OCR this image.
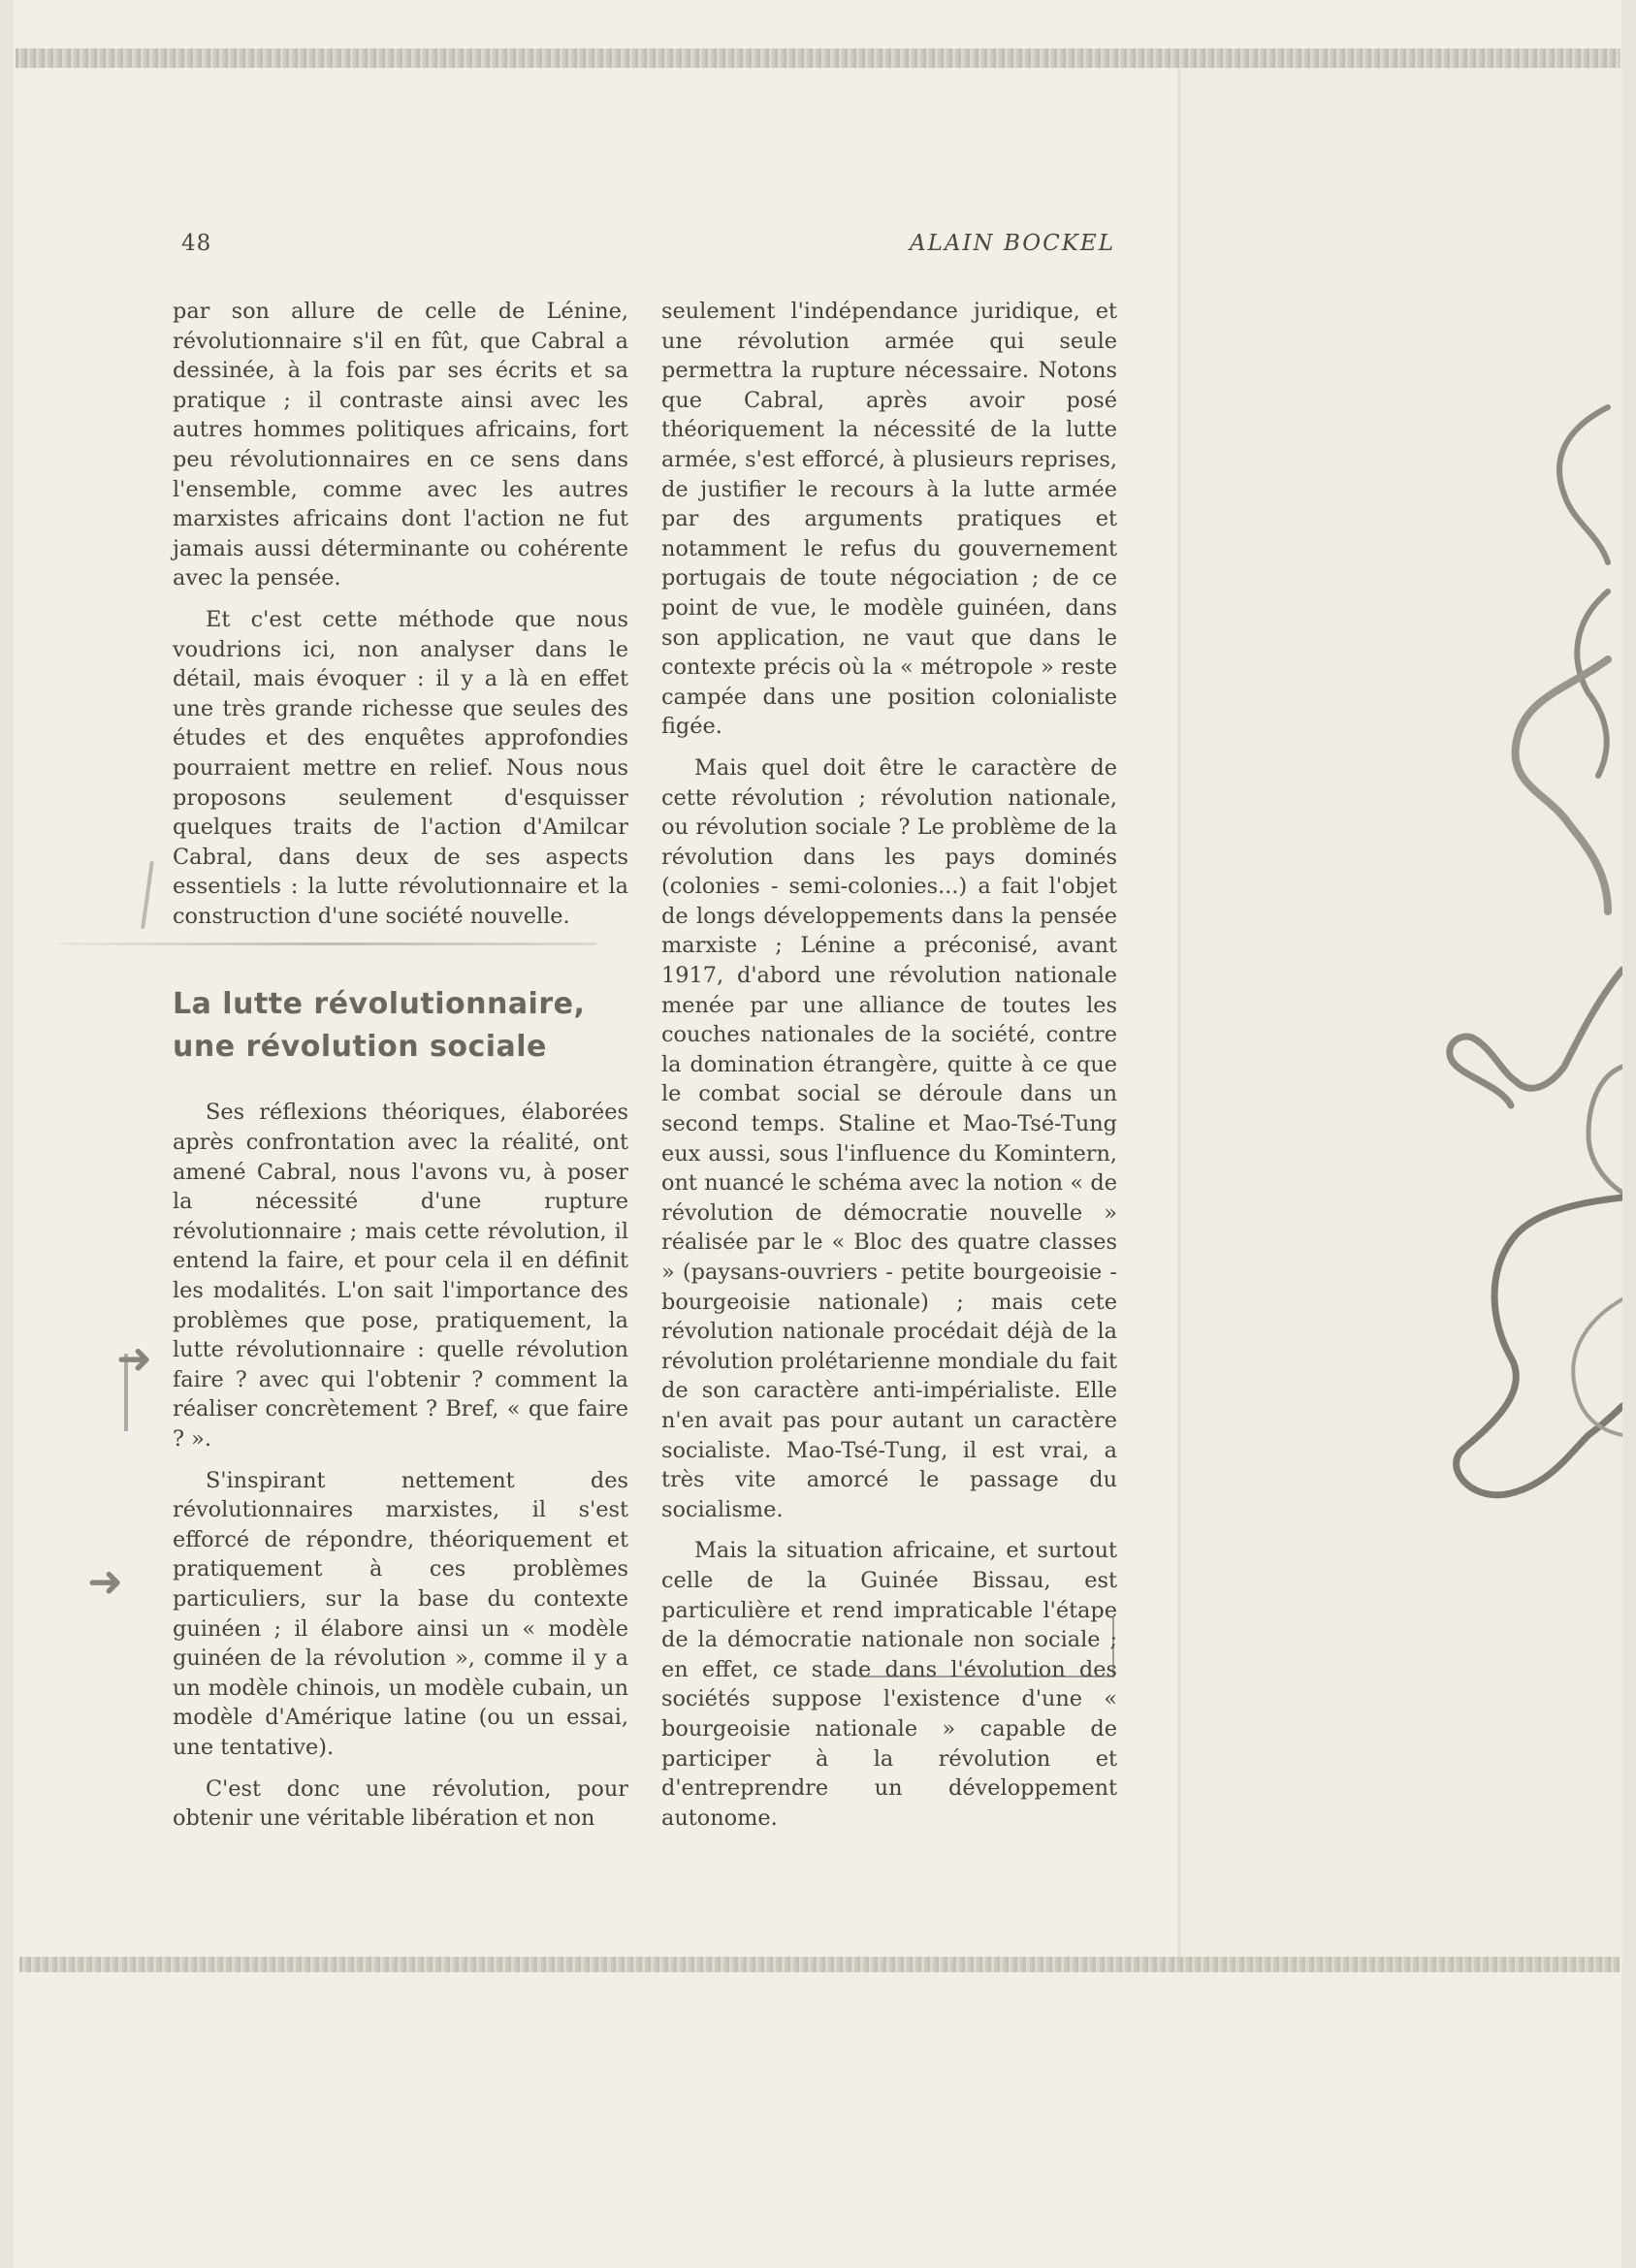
48	ALAIN BOCKEL

par son allure de celle de Lénine, révolutionnaire s'il en fût, que Cabral a dessinée, à la fois par ses écrits et sa pratique ; il contraste ainsi avec les autres hommes politiques africains, fort peu révolutionnaires en ce sens dans l'ensemble, comme avec les autres marxistes africains dont l'action ne fut jamais aussi déterminante ou cohérente avec la pensée.

Et c'est cette méthode que nous voudrions ici, non analyser dans le détail, mais évoquer : il y a là en effet une très grande richesse que seules des études et des enquêtes approfondies pourraient mettre en relief. Nous nous proposons seulement d'esquisser quelques traits de l'action d'Amilcar Cabral, dans deux de ses aspects essentiels : la lutte révolutionnaire et la construction d'une société nouvelle.

La lutte révolutionnaire,
une révolution sociale

Ses réflexions théoriques, élaborées après confrontation avec la réalité, ont amené Cabral, nous l'avons vu, à poser la nécessité d'une rupture révolutionnaire ; mais cette révolution, il entend la faire, et pour cela il en définit les modalités. L'on sait l'importance des problèmes que pose, pratiquement, la lutte révolutionnaire : quelle révolution faire ? avec qui l'obtenir ? comment la réaliser concrètement ? Bref, « que faire ? ».

S'inspirant nettement des révolutionnaires marxistes, il s'est efforcé de répondre, théoriquement et pratiquement à ces problèmes particuliers, sur la base du contexte guinéen ; il élabore ainsi un « modèle guinéen de la révolution », comme il y a un modèle chinois, un modèle cubain, un modèle d'Amérique latine (ou un essai, une tentative).

C'est donc une révolution, pour obtenir une véritable libération et non

seulement l'indépendance juridique, et une révolution armée qui seule permettra la rupture nécessaire. Notons que Cabral, après avoir posé théoriquement la nécessité de la lutte armée, s'est efforcé, à plusieurs reprises, de justifier le recours à la lutte armée par des arguments pratiques et notamment le refus du gouvernement portugais de toute négociation ; de ce point de vue, le modèle guinéen, dans son application, ne vaut que dans le contexte précis où la « métropole » reste campée dans une position colonialiste figée.

Mais quel doit être le caractère de cette révolution ; révolution nationale, ou révolution sociale ? Le problème de la révolution dans les pays dominés (colonies - semi-colonies...) a fait l'objet de longs développements dans la pensée marxiste ; Lénine a préconisé, avant 1917, d'abord une révolution nationale menée par une alliance de toutes les couches nationales de la société, contre la domination étrangère, quitte à ce que le combat social se déroule dans un second temps. Staline et Mao-Tsé-Tung eux aussi, sous l'influence du Komintern, ont nuancé le schéma avec la notion « de révolution de démocratie nouvelle » réalisée par le « Bloc des quatre classes » (paysans-ouvriers - petite bourgeoisie - bourgeoisie nationale) ; mais cete révolution nationale procédait déjà de la révolution prolétarienne mondiale du fait de son caractère anti-impérialiste. Elle n'en avait pas pour autant un caractère socialiste. Mao-Tsé-Tung, il est vrai, a très vite amorcé le passage du socialisme.

Mais la situation africaine, et surtout celle de la Guinée Bissau, est particulière et rend impraticable l'étape de la démocratie nationale non sociale ; en effet, ce stade dans l'évolution des sociétés suppose l'existence d'une « bourgeoisie nationale » capable de participer à la révolution et d'entreprendre un développement autonome.

➜
➜
